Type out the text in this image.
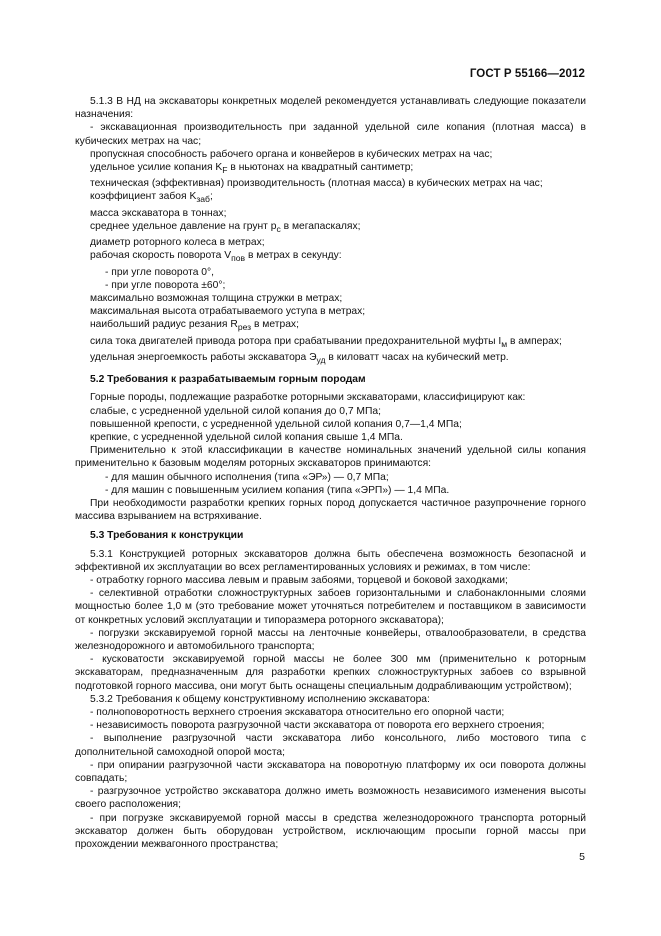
ГОСТ Р 55166—2012

5.1.3 В НД на экскаваторы конкретных моделей рекомендуется устанавливать следующие показатели назначения:

- экскавационная производительность при заданной удельной силе копания (плотная масса) в кубических метрах на час;

пропускная способность рабочего органа и конвейеров в кубических метрах на час;

удельное усилие копания $K_F$ в ньютонах на квадратный сантиметр;

техническая (эффективная) производительность (плотная масса) в кубических метрах на час;

коэффициент забоя $K_{заб}$;

масса экскаватора в тоннах;

среднее удельное давление на грунт $p_c$ в мегапаскалях;

диаметр роторного колеса в метрах;

рабочая скорость поворота $V_{пов}$ в метрах в секунду:

- при угле поворота 0°,

- при угле поворота ±60°;

максимально возможная толщина стружки в метрах;

максимальная высота отрабатываемого уступа в метрах;

наибольший радиус резания $R_{рез}$ в метрах;

сила тока двигателей привода ротора при срабатывании предохранительной муфты $I_м$ в амперах;

удельная энергоемкость работы экскаватора $Э_{уд}$ в киловатт часах на кубический метр.

5.2 Требования к разрабатываемым горным породам

Горные породы, подлежащие разработке роторными экскаваторами, классифицируют как:

слабые, с усредненной удельной силой копания до 0,7 МПа;

повышенной крепости, с усредненной удельной силой копания 0,7—1,4 МПа;

крепкие, с усредненной удельной силой копания свыше 1,4 МПа.

Применительно к этой классификации в качестве номинальных значений удельной силы копания применительно к базовым моделям роторных экскаваторов принимаются:

- для машин обычного исполнения (типа «ЭР») — 0,7 МПа;

- для машин с повышенным усилием копания (типа «ЭРП») — 1,4 МПа.

При необходимости разработки крепких горных пород допускается частичное разупрочнение горного массива взрыванием на встряхивание.

5.3 Требования к конструкции

5.3.1 Конструкцией роторных экскаваторов должна быть обеспечена возможность безопасной и эффективной их эксплуатации во всех регламентированных условиях и режимах, в том числе:

- отработку горного массива левым и правым забоями, торцевой и боковой заходками;

- селективной отработки сложноструктурных забоев горизонтальными и слабонаклонными слоями мощностью более 1,0 м (это требование может уточняться потребителем и поставщиком в зависимости от конкретных условий эксплуатации и типоразмера роторного экскаватора);

- погрузки экскавируемой горной массы на ленточные конвейеры, отвалообразователи, в средства железнодорожного и автомобильного транспорта;

- кусковатости экскавируемой горной массы не более 300 мм (применительно к роторным экскаваторам, предназначенным для разработки крепких сложноструктурных забоев со взрывной подготовкой горного массива, они могут быть оснащены специальным додрабливающим устройством);

5.3.2 Требования к общему конструктивному исполнению экскаватора:

- полноповоротность верхнего строения экскаватора относительно его опорной части;

- независимость поворота разгрузочной части экскаватора от поворота его верхнего строения;

- выполнение разгрузочной части экскаватора либо консольного, либо мостового типа с дополнительной самоходной опорой моста;

- при опирании разгрузочной части экскаватора на поворотную платформу их оси поворота должны совпадать;

- разгрузочное устройство экскаватора должно иметь возможность независимого изменения высоты своего расположения;

- при погрузке экскавируемой горной массы в средства железнодорожного транспорта роторный экскаватор должен быть оборудован устройством, исключающим просыпи горной массы при прохождении межвагонного пространства;

5
